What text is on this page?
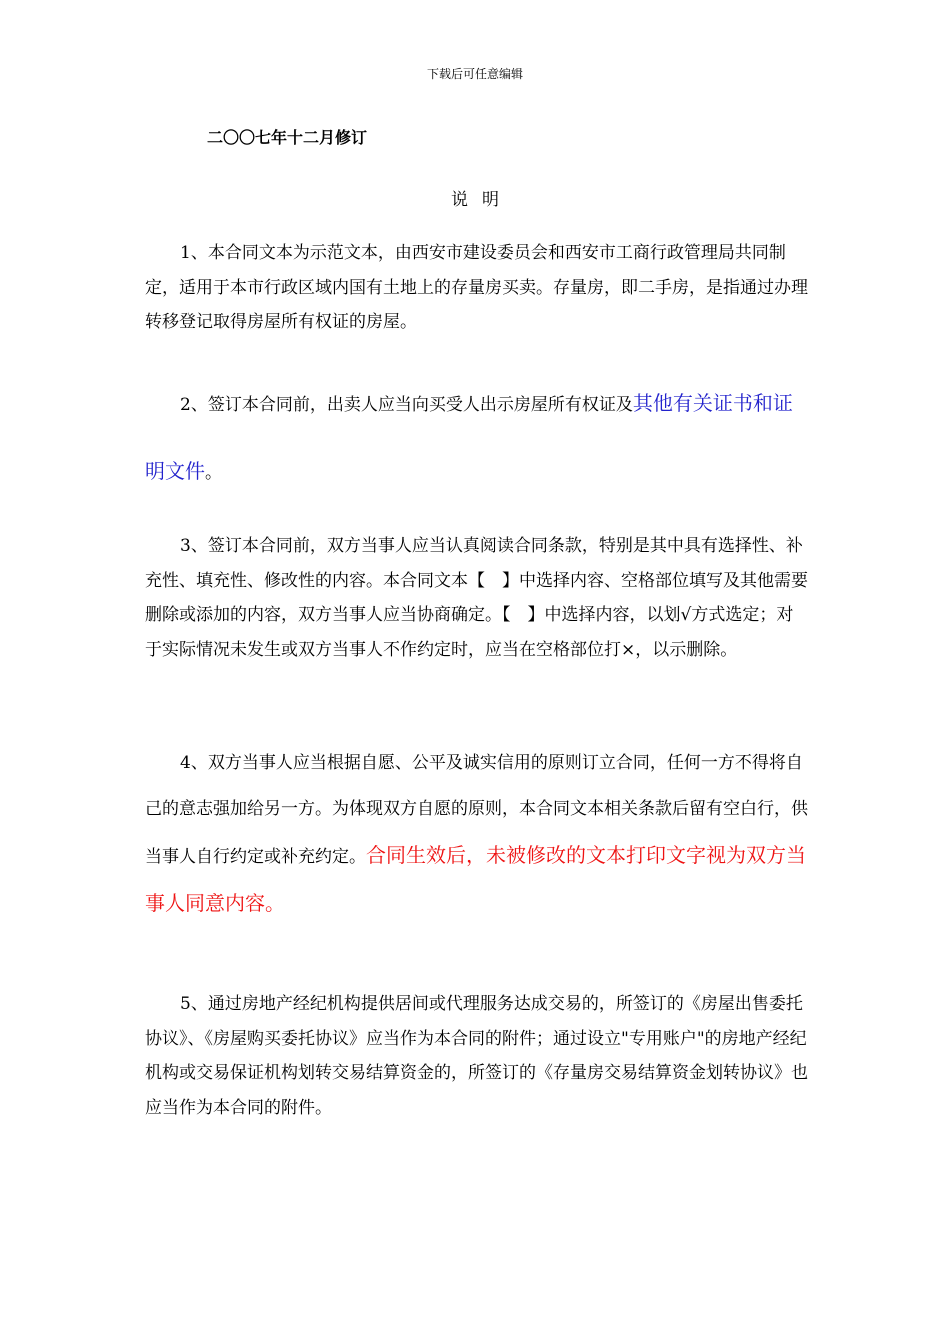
下载后可任意编辑
二〇〇七年十二月修订
说明

1、本合同文本为示范文本，由西安市建设委员会和西安市工商行政管理局共同制定，适用于本市行政区域内国有土地上的存量房买卖。存量房，即二手房，是指通过办理转移登记取得房屋所有权证的房屋。

2、签订本合同前，出卖人应当向买受人出示房屋所有权证及其他有关证书和证明文件。

3、签订本合同前，双方当事人应当认真阅读合同条款，特别是其中具有选择性、补充性、填充性、修改性的内容。本合同文本【　】中选择内容、空格部位填写及其他需要删除或添加的内容，双方当事人应当协商确定。【　】中选择内容，以划√方式选定；对于实际情况未发生或双方当事人不作约定时，应当在空格部位打×，以示删除。

4、双方当事人应当根据自愿、公平及诚实信用的原则订立合同，任何一方不得将自己的意志强加给另一方。为体现双方自愿的原则，本合同文本相关条款后留有空白行，供当事人自行约定或补充约定。合同生效后，未被修改的文本打印文字视为双方当事人同意内容。

5、通过房地产经纪机构提供居间或代理服务达成交易的，所签订的《房屋出售委托协议》、《房屋购买委托协议》应当作为本合同的附件；通过设立"专用账户"的房地产经纪机构或交易保证机构划转交易结算资金的，所签订的《存量房交易结算资金划转协议》也应当作为本合同的附件。
